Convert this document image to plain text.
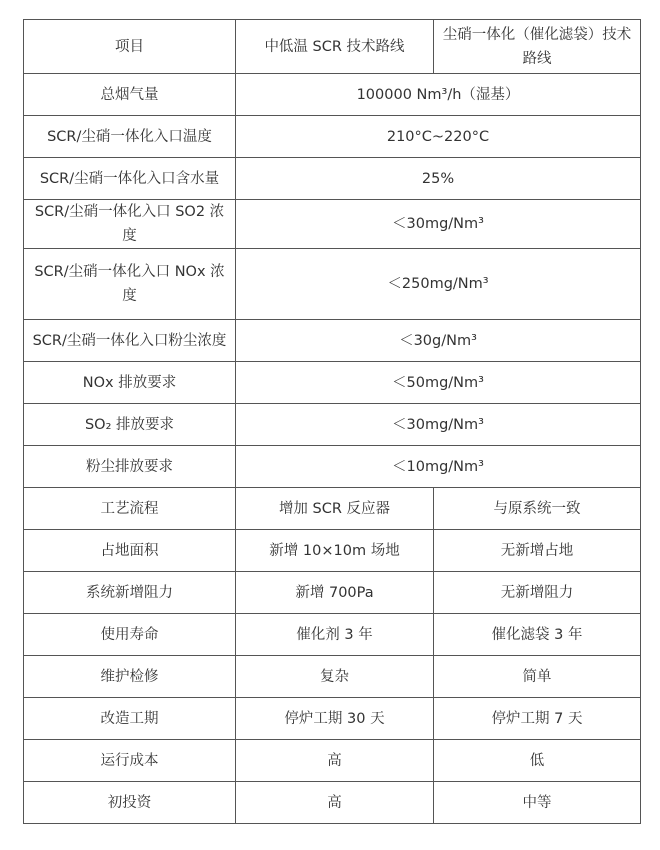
项目	中低温 SCR 技术路线	尘硝一体化（催化滤袋）技术路线
总烟气量	100000 Nm³/h（湿基）	
SCR/尘硝一体化入口温度	210°C~220°C	
SCR/尘硝一体化入口含水量	25%	
SCR/尘硝一体化入口 SO2 浓度	＜30mg/Nm³	
SCR/尘硝一体化入口 NOx 浓度	＜250mg/Nm³	
SCR/尘硝一体化入口粉尘浓度	＜30g/Nm³	
NOx 排放要求	＜50mg/Nm³	
SO₂ 排放要求	＜30mg/Nm³	
粉尘排放要求	＜10mg/Nm³	
工艺流程	增加 SCR 反应器	与原系统一致
占地面积	新增 10×10m 场地	无新增占地
系统新增阻力	新增 700Pa	无新增阻力
使用寿命	催化剂 3 年	催化滤袋 3 年
维护检修	复杂	简单
改造工期	停炉工期 30 天	停炉工期 7 天
运行成本	高	低
初投资	高	中等
